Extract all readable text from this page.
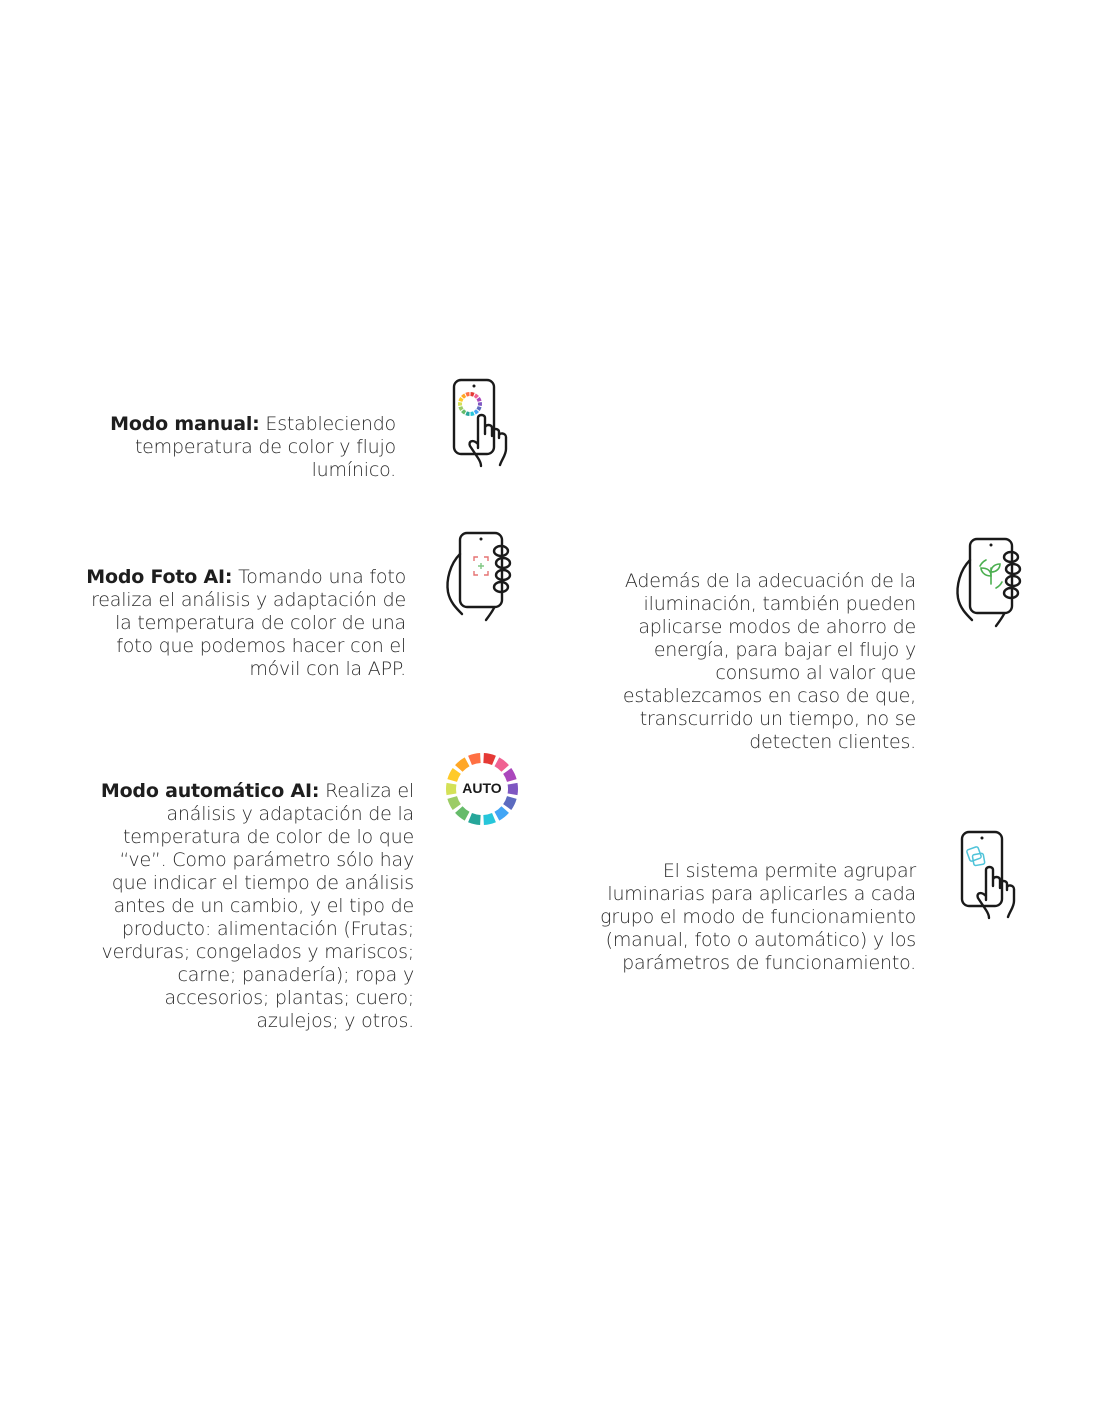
Modo manual: Estableciendo temperatura de color y flujo lumínico.
Modo Foto AI: Tomando una foto realiza el análisis y adaptación de la temperatura de color de una foto que podemos hacer con el móvil con la APP.
Modo automático AI: Realiza el análisis y adaptación de la temperatura de color de lo que “ve”. Como parámetro sólo hay que indicar el tiempo de análisis antes de un cambio, y el tipo de producto: alimentación (Frutas; verduras; congelados y mariscos; carne; panadería); ropa y accesorios; plantas; cuero; azulejos; y otros.
AUTO
Además de la adecuación de la iluminación, también pueden aplicarse modos de ahorro de energía, para bajar el flujo y consumo al valor que establezcamos en caso de que, transcurrido un tiempo, no se detecten clientes.
El sistema permite agrupar luminarias para aplicarles a cada grupo el modo de funcionamiento (manual, foto o automático) y los parámetros de funcionamiento.
